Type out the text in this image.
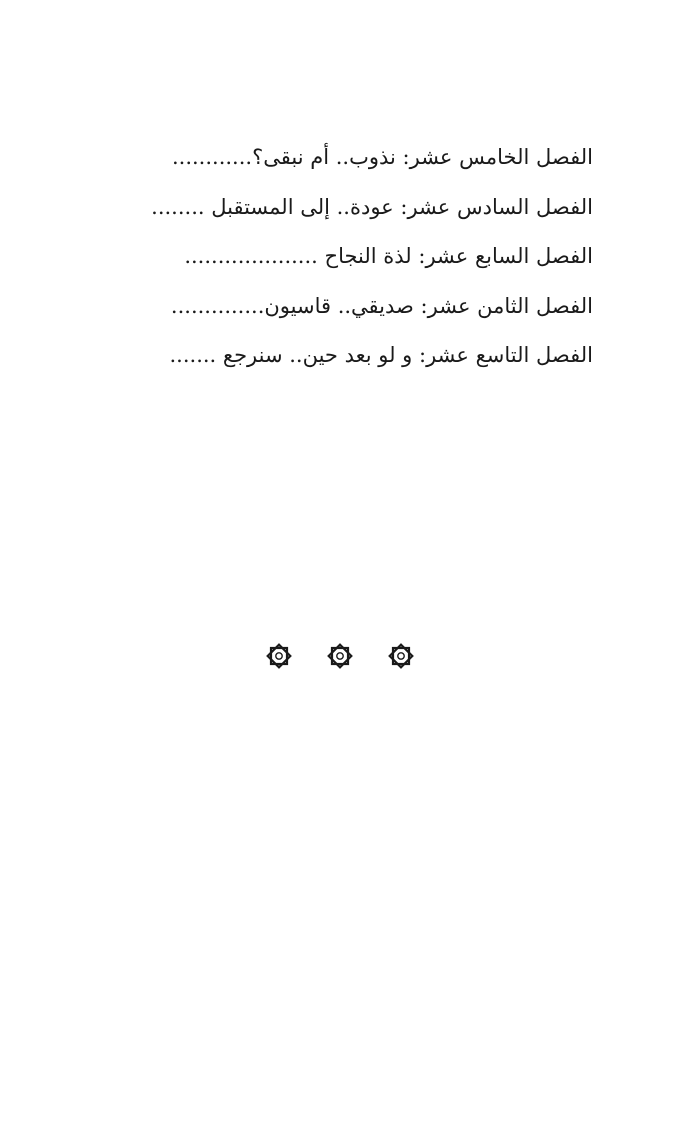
الفصل الخامس عشر: نذوب.. أم نبقى؟............
الفصل السادس عشر: عودة.. إلى المستقبل ........
الفصل السابع عشر: لذة النجاح ....................
الفصل الثامن عشر: صديقي.. قاسيون..............
الفصل التاسع عشر: و لو بعد حين.. سنرجع .......
